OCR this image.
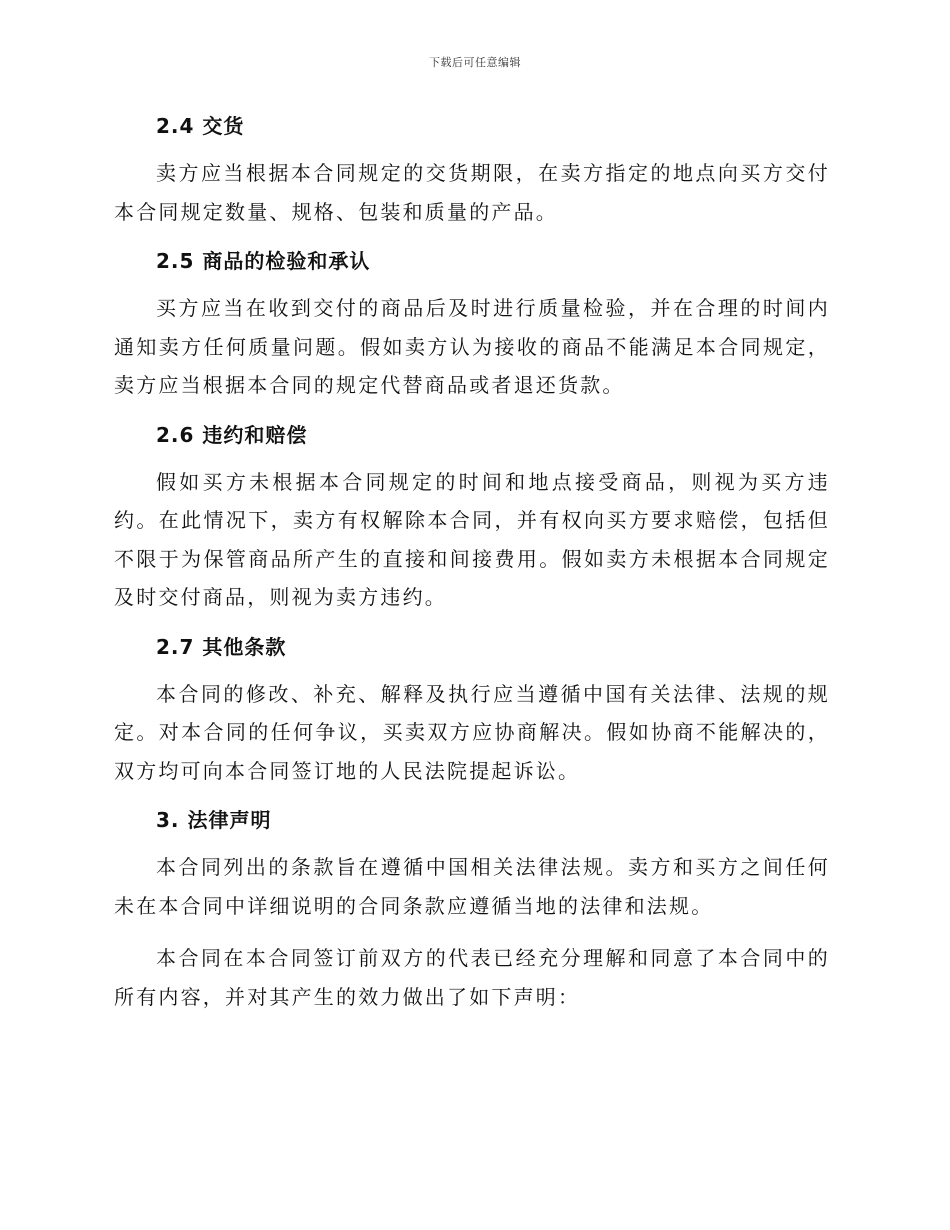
下载后可任意编辑
2.4 交货

卖方应当根据本合同规定的交货期限，在卖方指定的地点向买方交付本合同规定数量、规格、包装和质量的产品。

2.5 商品的检验和承认

买方应当在收到交付的商品后及时进行质量检验，并在合理的时间内通知卖方任何质量问题。假如卖方认为接收的商品不能满足本合同规定，卖方应当根据本合同的规定代替商品或者退还货款。

2.6 违约和赔偿

假如买方未根据本合同规定的时间和地点接受商品，则视为买方违约。在此情况下，卖方有权解除本合同，并有权向买方要求赔偿，包括但不限于为保管商品所产生的直接和间接费用。假如卖方未根据本合同规定及时交付商品，则视为卖方违约。

2.7 其他条款

本合同的修改、补充、解释及执行应当遵循中国有关法律、法规的规定。对本合同的任何争议，买卖双方应协商解决。假如协商不能解决的，双方均可向本合同签订地的人民法院提起诉讼。

3. 法律声明

本合同列出的条款旨在遵循中国相关法律法规。卖方和买方之间任何未在本合同中详细说明的合同条款应遵循当地的法律和法规。

本合同在本合同签订前双方的代表已经充分理解和同意了本合同中的所有内容，并对其产生的效力做出了如下声明：
